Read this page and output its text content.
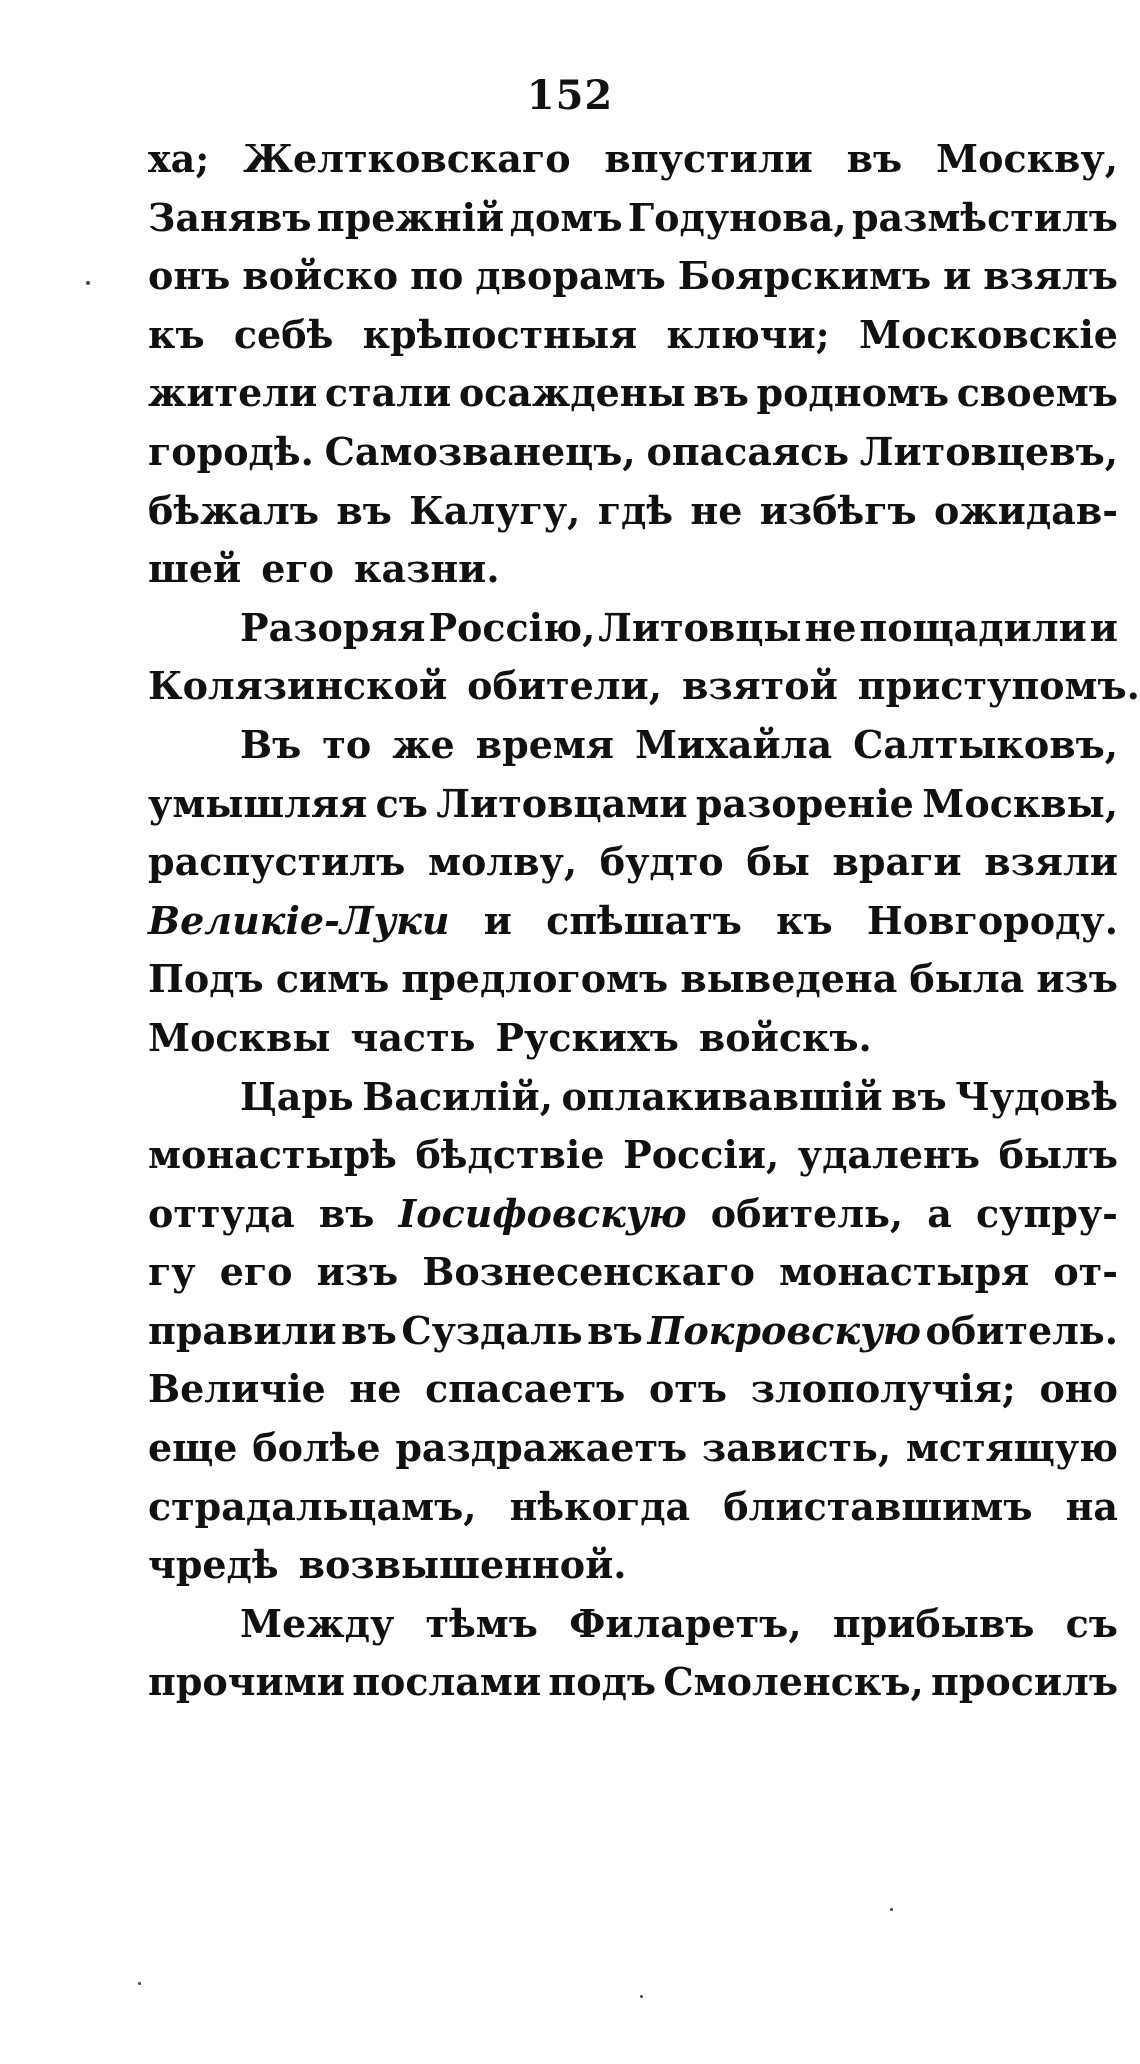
152
ха; Желтковскаго впустили въ Москву,
Занявъ прежній домъ Годунова, размѣстилъ
онъ войско по дворамъ Боярскимъ и взялъ
къ себѣ крѣпостныя ключи; Московскіе
жители стали осаждены въ родномъ своемъ
городѣ. Самозванецъ, опасаясь Литовцевъ,
бѣжалъ въ Калугу, гдѣ не избѣгъ ожидав-
шей его казни.
Разоряя Россію, Литовцы не пощадили и
Колязинской обители, взятой приступомъ.
Въ то же время Михайла Салтыковъ,
умышляя съ Литовцами разореніе Москвы,
распустилъ молву, будто бы враги взяли
Великіе-Луки и спѣшатъ къ Новгороду.
Подъ симъ предлогомъ выведена была изъ
Москвы часть Рускихъ войскъ.
Царь Василій, оплакивавшій въ Чудовѣ
монастырѣ бѣдствіе Россіи, удаленъ былъ
оттуда въ Іосифовскую обитель, а супру-
гу его изъ Вознесенскаго монастыря от-
правили въ Суздаль въ Покровскую обитель.
Величіе не спасаетъ отъ злополучія; оно
еще болѣе раздражаетъ зависть, мстящую
страдальцамъ, нѣкогда блиставшимъ на
чредѣ возвышенной.
Между тѣмъ Филаретъ, прибывъ съ
прочими послами подъ Смоленскъ, просилъ
